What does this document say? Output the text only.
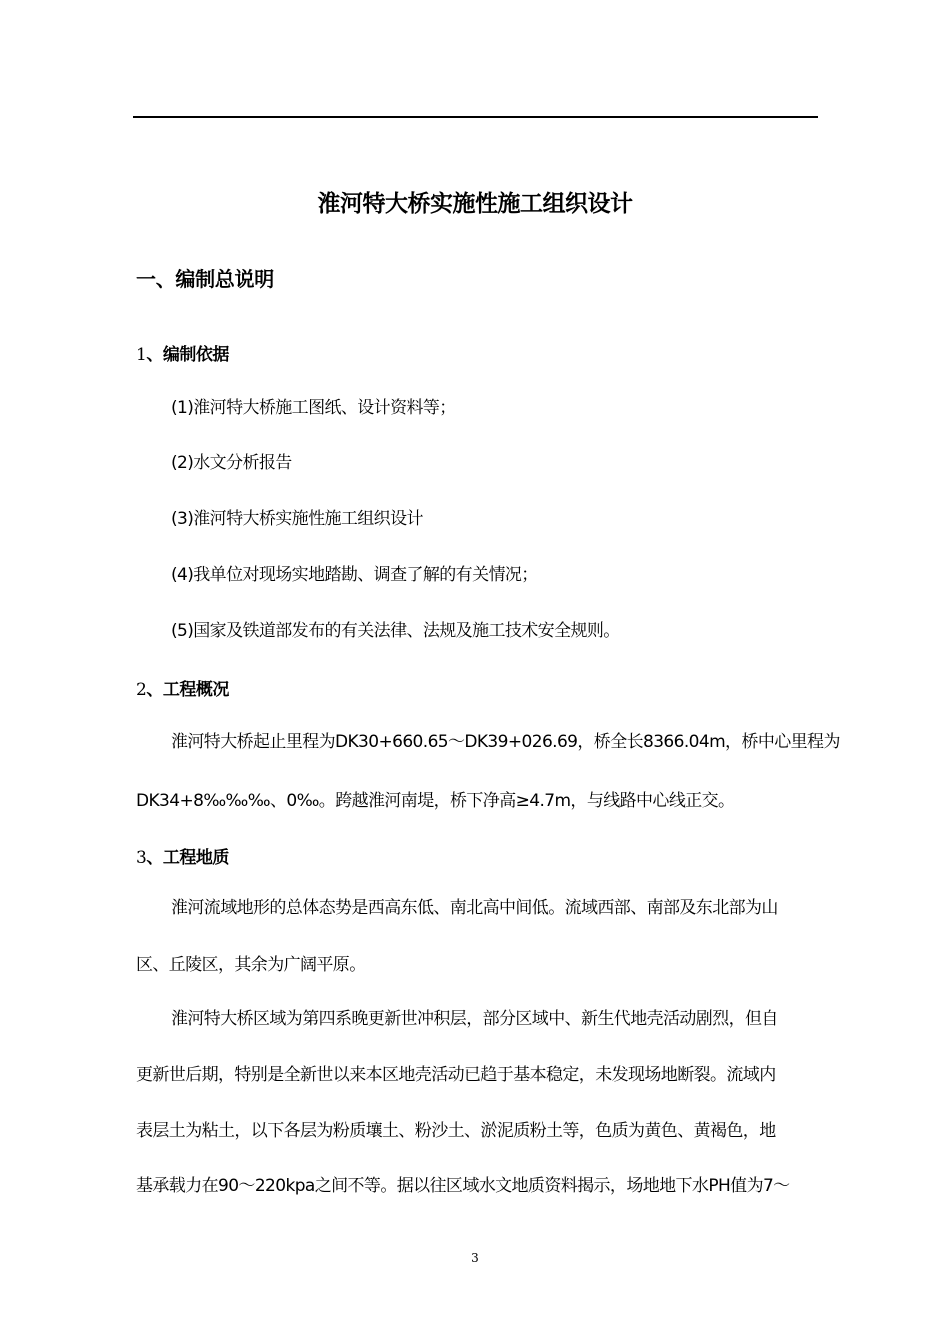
淮河特大桥实施性施工组织设计
一、编制总说明
1、编制依据
(1)淮河特大桥施工图纸、设计资料等；
(2)水文分析报告
(3)淮河特大桥实施性施工组织设计
(4)我单位对现场实地踏勘、调查了解的有关情况；
(5)国家及铁道部发布的有关法律、法规及施工技术安全规则。
2、工程概况
淮河特大桥起止里程为DK30+660.65～DK39+026.69，桥全长8366.04m，桥中心里程为
DK34+8‰‰‰、0‰。跨越淮河南堤，桥下净高≥4.7m，与线路中心线正交。
3、工程地质
淮河流域地形的总体态势是西高东低、南北高中间低。流域西部、南部及东北部为山
区、丘陵区，其余为广阔平原。
淮河特大桥区域为第四系晚更新世冲积层，部分区域中、新生代地壳活动剧烈，但自
更新世后期，特别是全新世以来本区地壳活动已趋于基本稳定，未发现场地断裂。流域内
表层土为粘土，以下各层为粉质壤土、粉沙土、淤泥质粉土等，色质为黄色、黄褐色，地
基承载力在90～220kpa之间不等。据以往区域水文地质资料揭示，场地地下水PH值为7～
3
